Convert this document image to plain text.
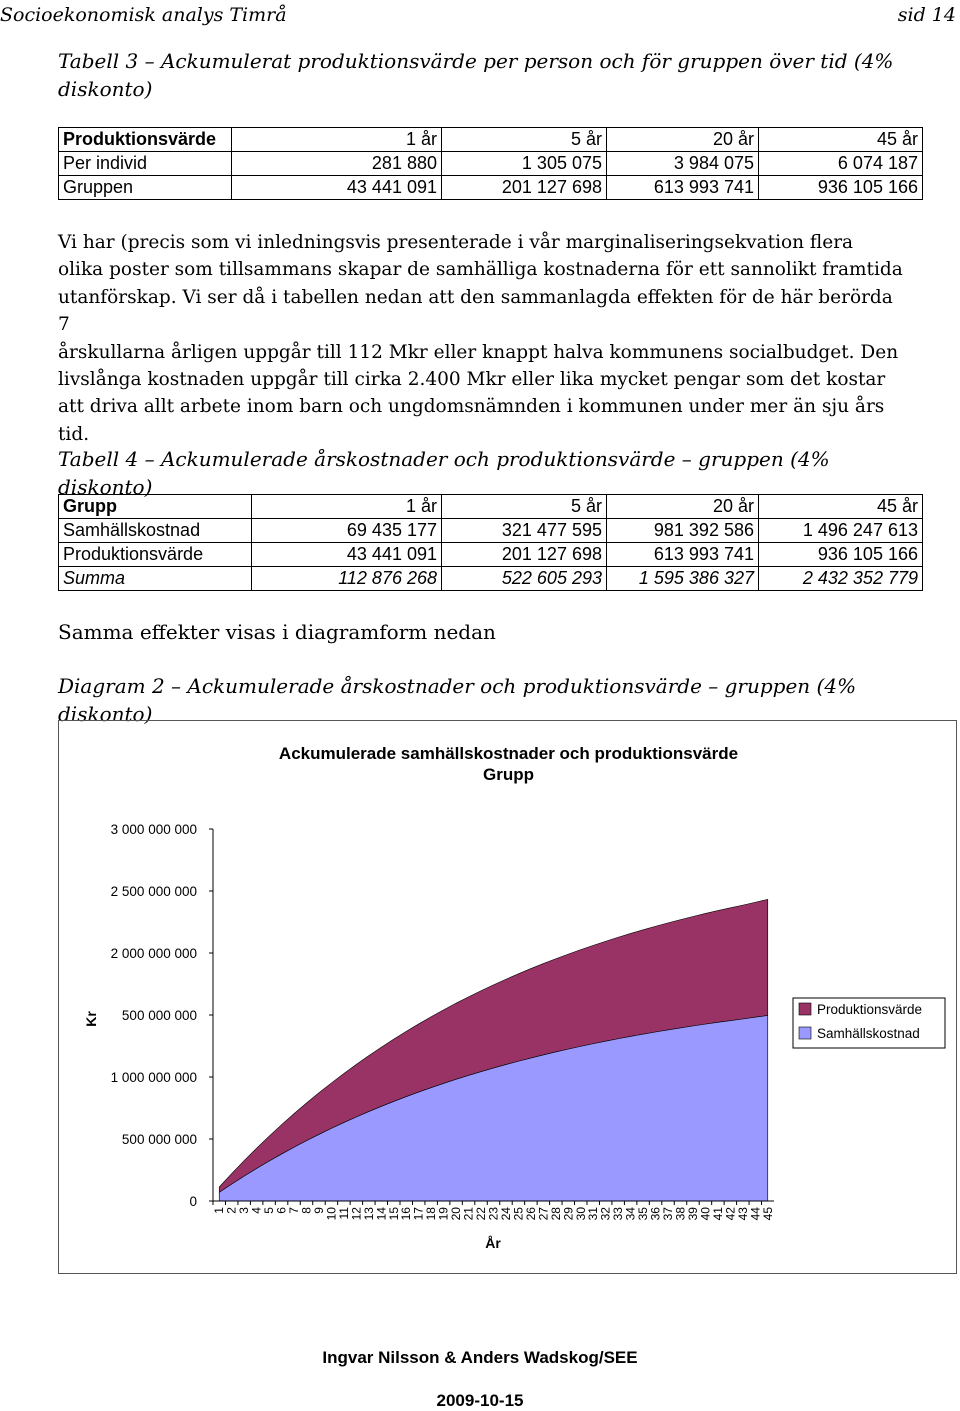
Socioekonomisk analys Timrå	sid 14
Tabell 3 – Ackumulerat produktionsvärde per person och för gruppen över tid (4%
diskonto)
Produktionsvärde	1 år	5 år	20 år	45 år
Per individ	281 880	1 305 075	3 984 075	6 074 187
Gruppen	43 441 091	201 127 698	613 993 741	936 105 166
Vi har (precis som vi inledningsvis presenterade i vår marginaliseringsekvation flera
olika poster som tillsammans skapar de samhälliga kostnaderna för ett sannolikt framtida
utanförskap. Vi ser då i tabellen nedan att den sammanlagda effekten för de här berörda 7
årskullarna årligen uppgår till 112 Mkr eller knappt halva kommunens socialbudget. Den
livslånga kostnaden uppgår till cirka 2.400 Mkr eller lika mycket pengar som det kostar
att driva allt arbete inom barn och ungdomsnämnden i kommunen under mer än sju års
tid.
Tabell 4 – Ackumulerade årskostnader och produktionsvärde – gruppen (4% diskonto)
Grupp	1 år	5 år	20 år	45 år
Samhällskostnad	69 435 177	321 477 595	981 392 586	1 496 247 613
Produktionsvärde	43 441 091	201 127 698	613 993 741	936 105 166
Summa	112 876 268	522 605 293	1 595 386 327	2 432 352 779
Samma effekter visas i diagramform nedan
Diagram 2 – Ackumulerade årskostnader och produktionsvärde – gruppen (4% diskonto)
Ackumulerade samhällskostnader och produktionsvärde
Grupp
0
500 000 000
1 000 000 000
500 000 000
2 000 000 000
2 500 000 000
3 000 000 000
1
2
3
4
5
6
7
8
9
10
11
12
13
14
15
16
17
18
19
20
21
22
23
24
25
26
27
28
29
30
31
32
33
34
35
36
37
38
39
40
41
42
43
44
45
År
Kr
Produktionsvärde
Samhällskostnad
Ingvar Nilsson & Anders Wadskog/SEE
2009-10-15
